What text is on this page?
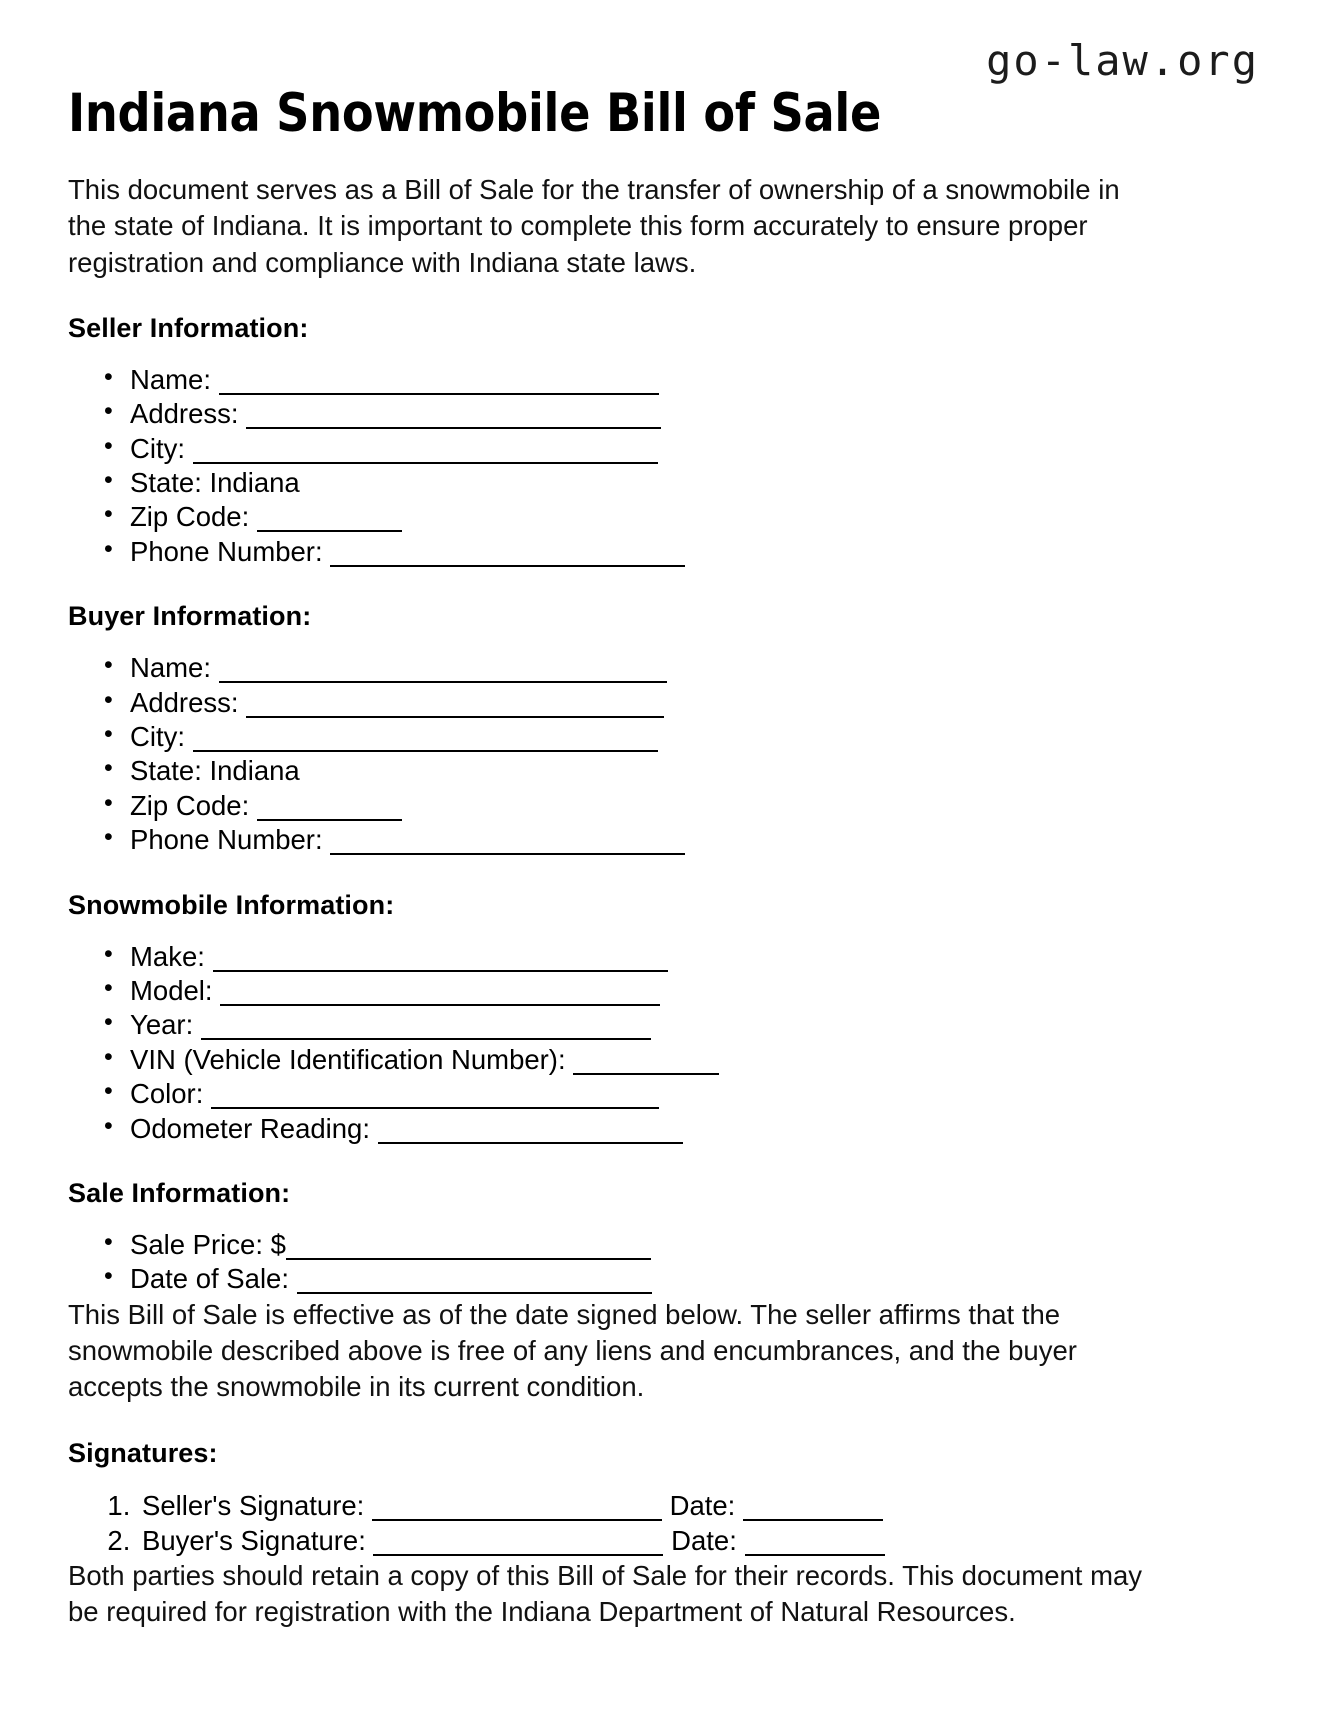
go-law.org
Indiana Snowmobile Bill of Sale

This document serves as a Bill of Sale for the transfer of ownership of a snowmobile in the state of Indiana. It is important to complete this form accurately to ensure proper registration and compliance with Indiana state laws.

Seller Information:
• Name:
• Address:
• City:
• State: Indiana
• Zip Code:
• Phone Number:
Buyer Information:
• Name:
• Address:
• City:
• State: Indiana
• Zip Code:
• Phone Number:
Snowmobile Information:
• Make:
• Model:
• Year:
• VIN (Vehicle Identification Number):
• Color:
• Odometer Reading:
Sale Information:
• Sale Price: $
• Date of Sale:

This Bill of Sale is effective as of the date signed below. The seller affirms that the snowmobile described above is free of any liens and encumbrances, and the buyer accepts the snowmobile in its current condition.

Signatures:
1. Seller's Signature:	Date:
2. Buyer's Signature:	Date:

Both parties should retain a copy of this Bill of Sale for their records. This document may be required for registration with the Indiana Department of Natural Resources.
